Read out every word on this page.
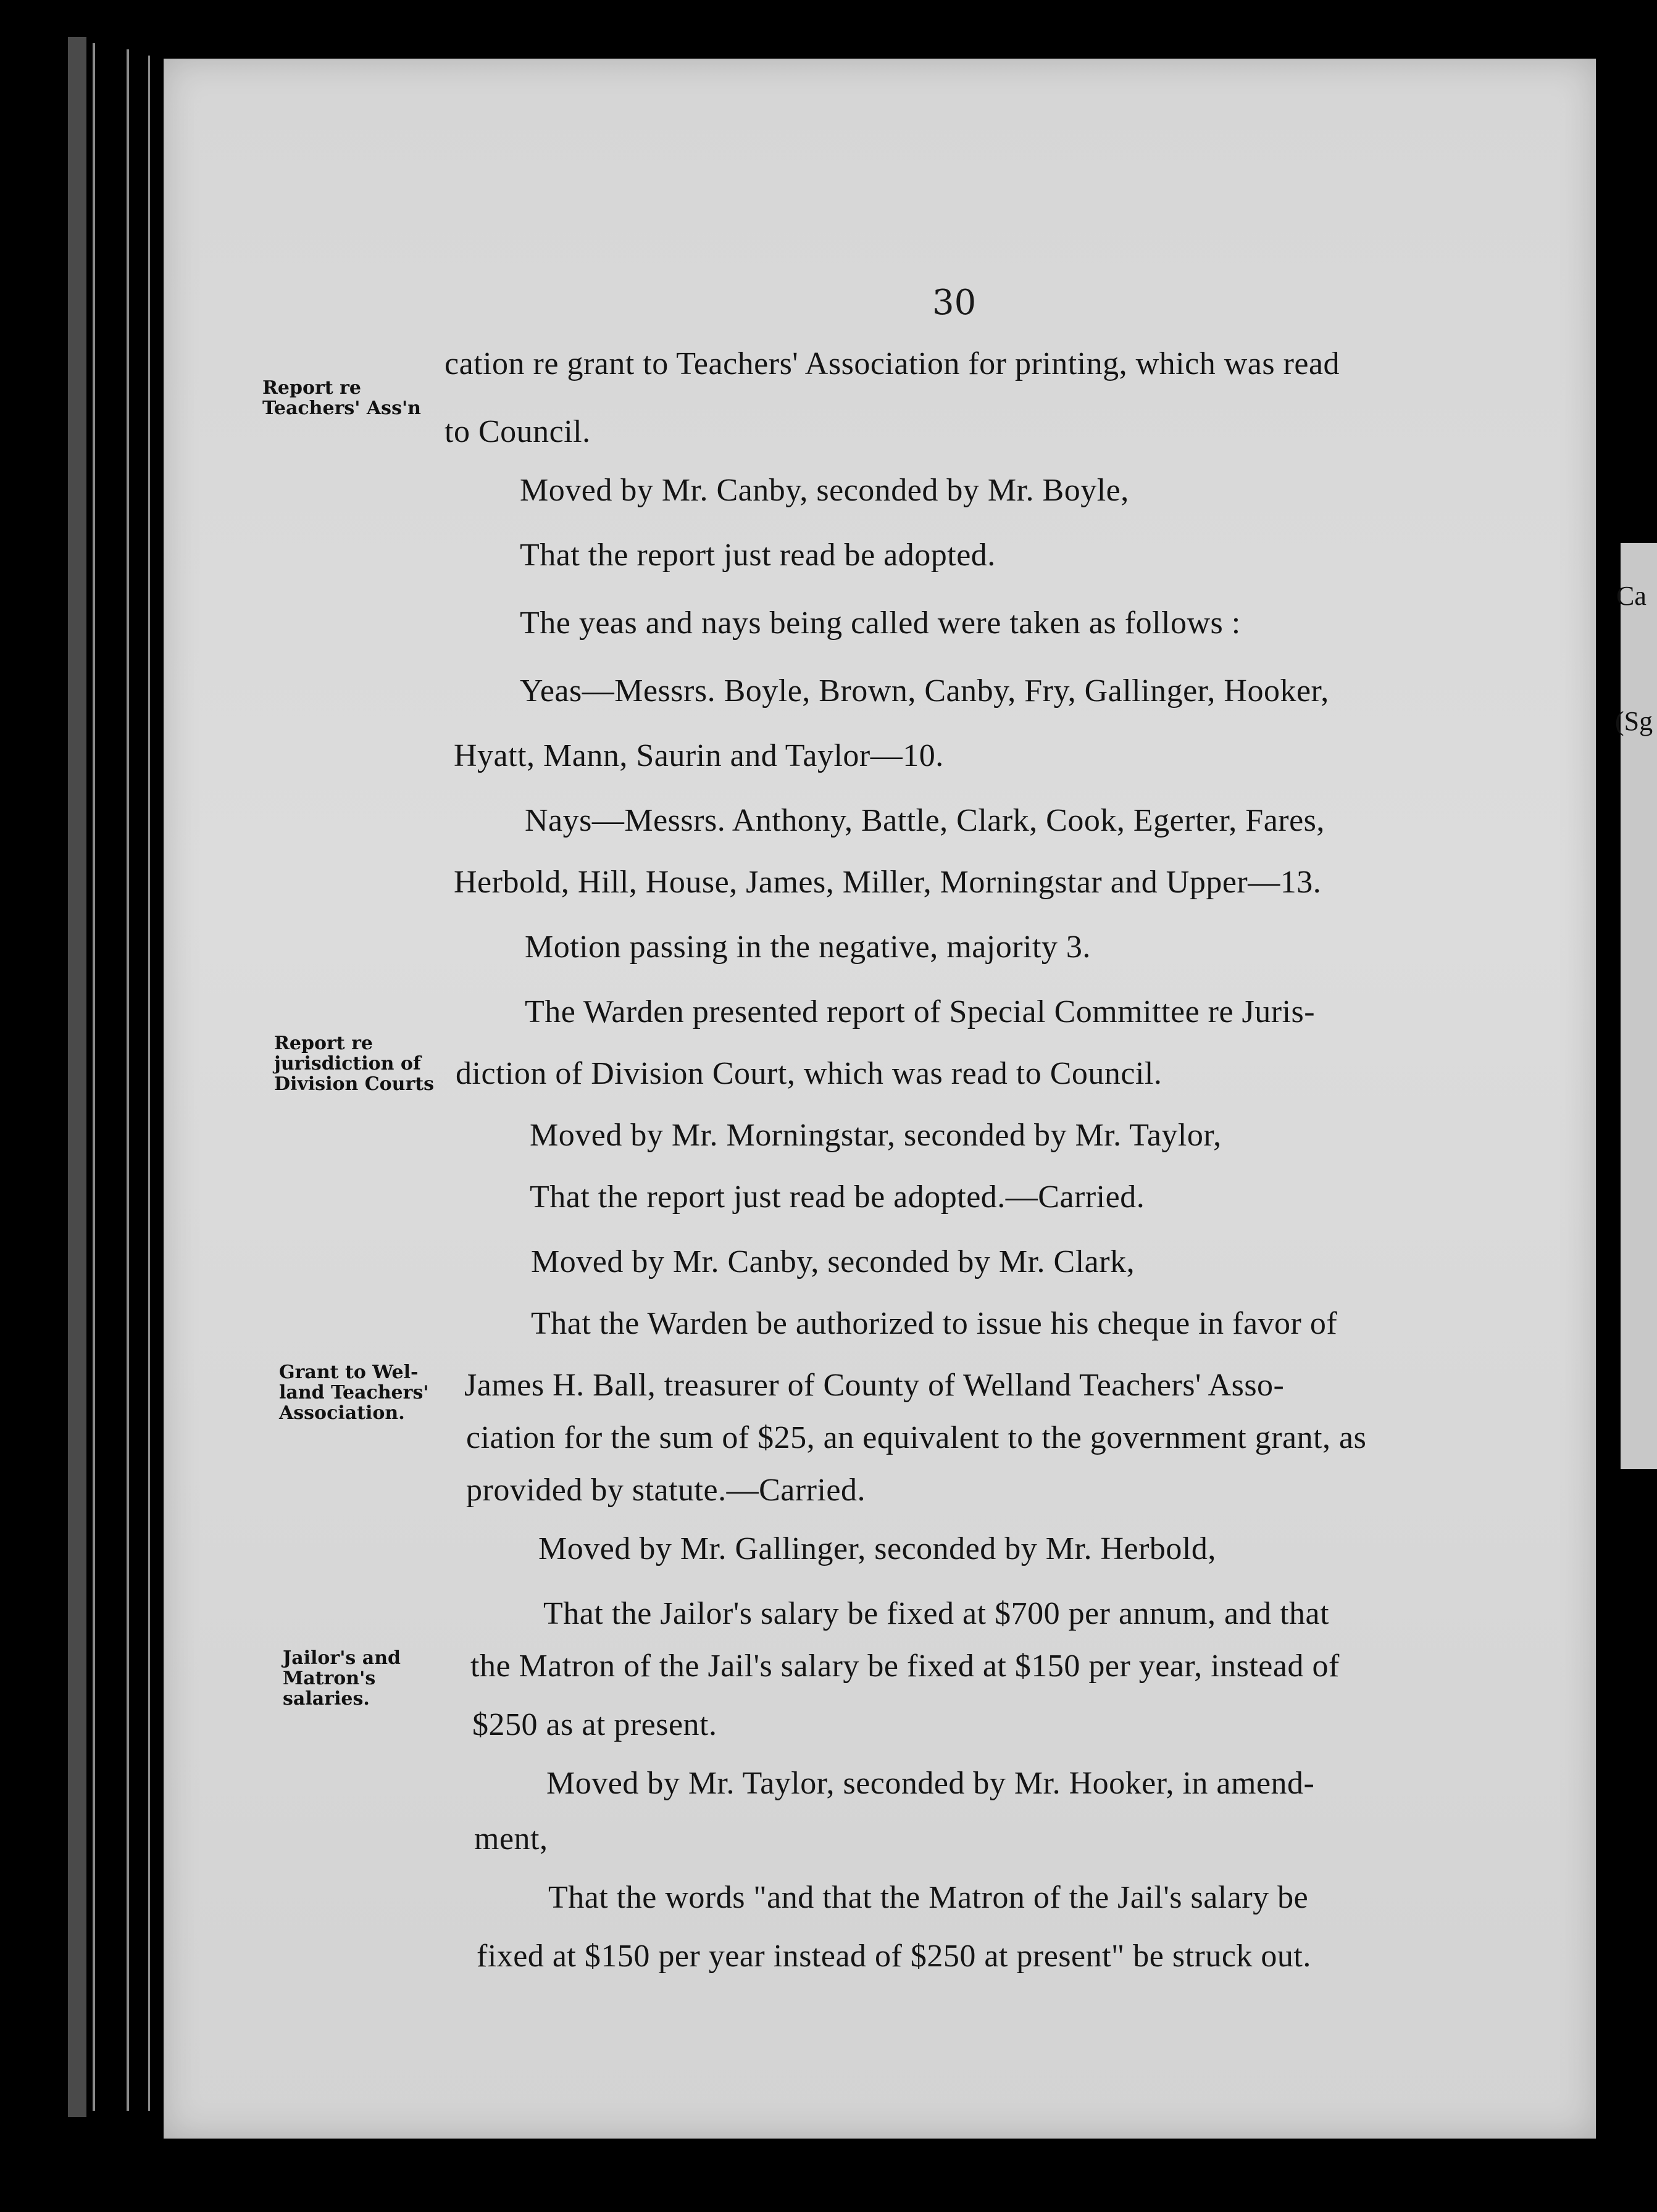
Ca
(Sg
30
Report re
Teachers' Ass'n
Report re
jurisdiction of
Division Courts
Grant to Wel-
land Teachers'
Association.
Jailor's and
Matron's
salaries.
cation re grant to Teachers' Association for printing, which was read
to Council.
Moved by Mr. Canby, seconded by Mr. Boyle,
That the report just read be adopted.
The yeas and nays being called were taken as follows :
Yeas—Messrs. Boyle, Brown, Canby, Fry, Gallinger, Hooker,
Hyatt, Mann, Saurin and Taylor—10.
Nays—Messrs. Anthony, Battle, Clark, Cook, Egerter, Fares,
Herbold, Hill, House, James, Miller, Morningstar and Upper—13.
Motion passing in the negative, majority 3.
The Warden presented report of Special Committee re Juris-
diction of Division Court, which was read to Council.
Moved by Mr. Morningstar, seconded by Mr. Taylor,
That the report just read be adopted.—Carried.
Moved by Mr. Canby, seconded by Mr. Clark,
That the Warden be authorized to issue his cheque in favor of
James H. Ball, treasurer of County of Welland Teachers' Asso-
ciation for the sum of $25, an equivalent to the government grant, as
provided by statute.—Carried.
Moved by Mr. Gallinger, seconded by Mr. Herbold,
That the Jailor's salary be fixed at $700 per annum, and that
the Matron of the Jail's salary be fixed at $150 per year, instead of
$250 as at present.
Moved by Mr. Taylor, seconded by Mr. Hooker, in amend-
ment,
That the words "and that the Matron of the Jail's salary be
fixed at $150 per year instead of $250 at present" be struck out.
